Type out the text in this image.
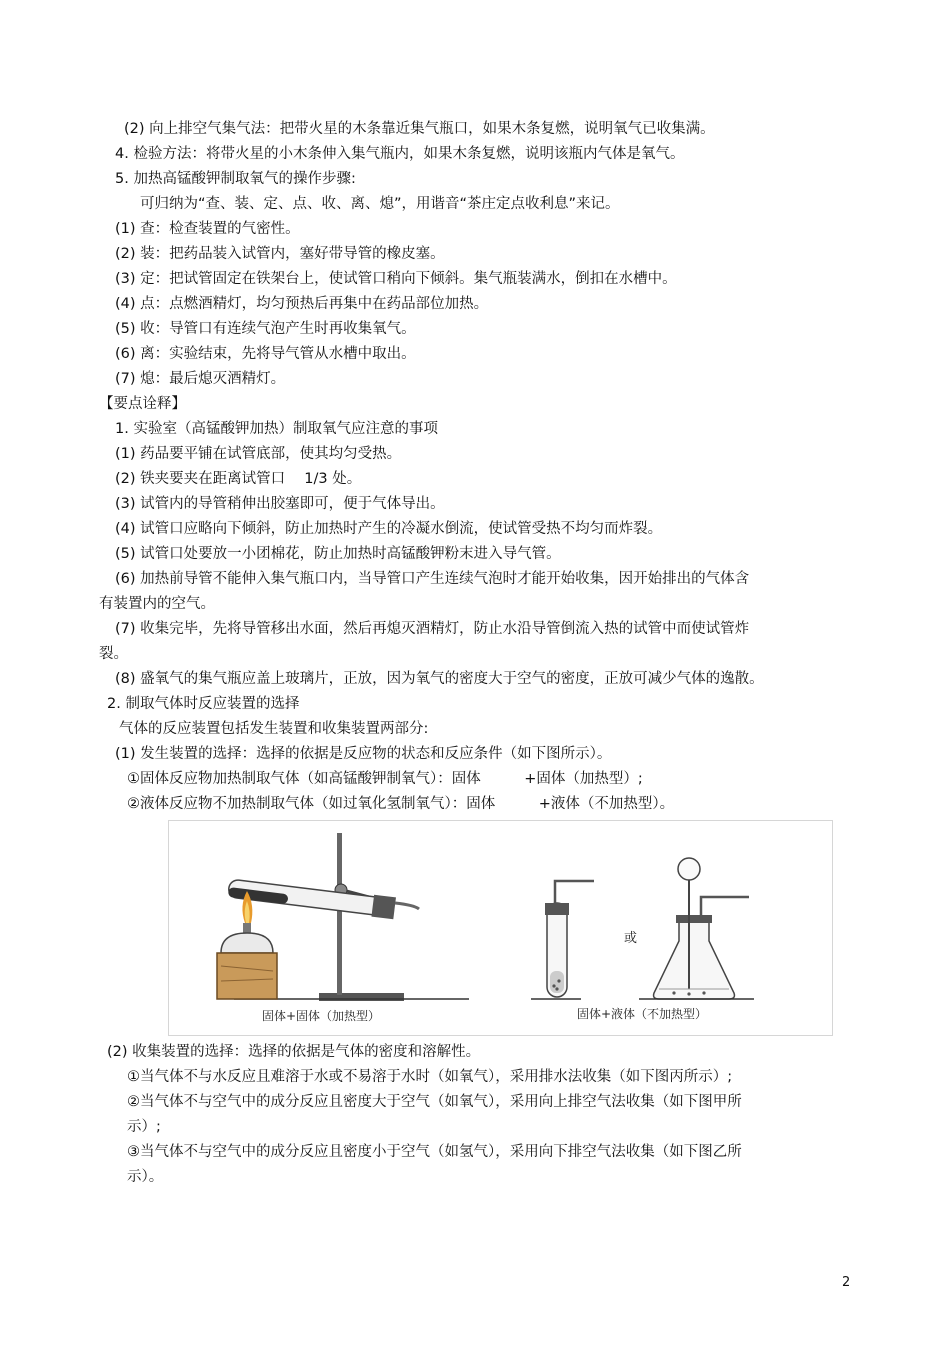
(2) 向上排空气集气法：把带火星的木条靠近集气瓶口，如果木条复燃，说明氧气已收集满。
4. 检验方法：将带火星的小木条伸入集气瓶内，如果木条复燃，说明该瓶内气体是氧气。
5. 加热高锰酸钾制取氧气的操作步骤:
可归纳为“查、装、定、点、收、离、熄”，用谐音“茶庄定点收利息”来记。
(1) 查：检查装置的气密性。
(2) 装：把药品装入试管内，塞好带导管的橡皮塞。
(3) 定：把试管固定在铁架台上，使试管口稍向下倾斜。集气瓶装满水，倒扣在水槽中。
(4) 点：点燃酒精灯，均匀预热后再集中在药品部位加热。
(5) 收：导管口有连续气泡产生时再收集氧气。
(6) 离：实验结束，先将导气管从水槽中取出。
(7) 熄：最后熄灭酒精灯。
【要点诠释】
1. 实验室（高锰酸钾加热）制取氧气应注意的事项
(1) 药品要平铺在试管底部，使其均匀受热。
(2) 铁夹要夹在距离试管口　 1/3 处。
(3) 试管内的导管稍伸出胶塞即可，便于气体导出。
(4) 试管口应略向下倾斜，防止加热时产生的冷凝水倒流，使试管受热不均匀而炸裂。
(5) 试管口处要放一小团棉花，防止加热时高锰酸钾粉末进入导气管。
(6) 加热前导管不能伸入集气瓶口内，当导管口产生连续气泡时才能开始收集，因开始排出的气体含
有装置内的空气。
(7) 收集完毕，先将导管移出水面，然后再熄灭酒精灯，防止水沿导管倒流入热的试管中而使试管炸
裂。
(8) 盛氧气的集气瓶应盖上玻璃片，正放，因为氧气的密度大于空气的密度，正放可减少气体的逸散。
2. 制取气体时反应装置的选择
气体的反应装置包括发生装置和收集装置两部分:
(1) 发生装置的选择：选择的依据是反应物的状态和反应条件（如下图所示）。
①固体反应物加热制取气体（如高锰酸钾制氧气）：固体　　　+固体（加热型）;
②液体反应物不加热制取气体（如过氧化氢制氧气）：固体　　　+液体（不加热型）。
固体+固体（加热型）
或
固体+液体（不加热型）
(2) 收集装置的选择：选择的依据是气体的密度和溶解性。
①当气体不与水反应且难溶于水或不易溶于水时（如氧气），采用排水法收集（如下图丙所示）;
②当气体不与空气中的成分反应且密度大于空气（如氧气），采用向上排空气法收集（如下图甲所
示）;
③当气体不与空气中的成分反应且密度小于空气（如氢气），采用向下排空气法收集（如下图乙所
示）。
2
